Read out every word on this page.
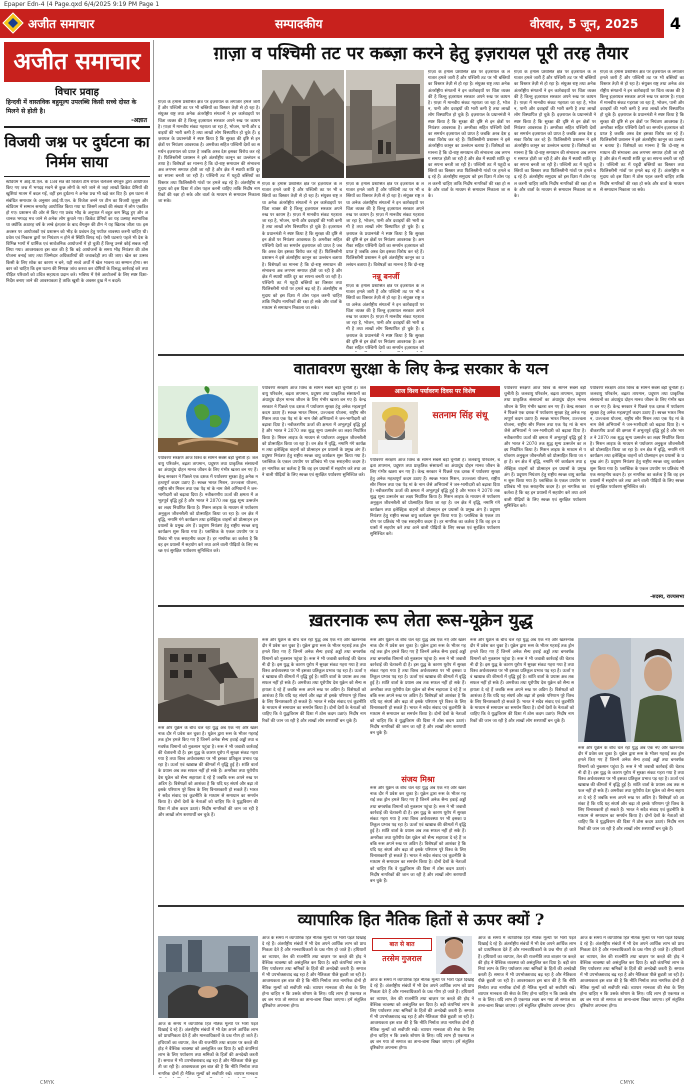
Epaper Edn-4 (4 Page.qxd 6/4/2025 9:19 PM Page 1
अजीत समाचार	सम्पादकीय	वीरवार, 5 जून, 2025	4
अजीत समाचार
विचार प्रवाह
हिन्दवी में वास्तविक बहुमूल्य उपलब्धि किसी सच्चे दोस्त के मिलने से होती है।
-अज्ञात
विजयी जश्न पर दुर्घटना का निर्मम साया
स्टेडियम में आई.पी.एल. के 18वें सत्र की विजेता टीम रॉयल चैलेंजर्स बैंगलुरु द्वारा आयोजित किए गए जश्न में भगदड़ मचने से कुछ लोगों के मारे जाने से जहां लाखों क्रिकेट प्रेमियों की खुशियां मातम में बदल गईं, वहीं इस दुर्घटना ने अनेक प्रश्न भी खड़े कर दिए हैं। इस घटना से संबंधित समाचार के अनुसार आई.पी.एल. के विजेता बनने पर टीम का विजयी जुलूस और स्टेडियम में सम्मान समारोह आयोजित किया गया था जिसमें लाखों की संख्या में लोग एकत्रित हो गए। प्रशासन की ओर से किए गए प्रबंध भीड़ के अनुपात में बहुत कम सिद्ध हुए और अचानक भगदड़ मच जाने से अनेक लोग कुचले गए। क्रिकेट प्रेमियों का यह उत्साह स्वाभाविक था क्योंकि अठारह वर्ष के लम्बे इंतज़ार के बाद बैंगलुरु की टीम ने यह खिताब जीता था। इस अवसर पर आयोजकों एवं प्रशासन को भीड़ के प्रबंधन हेतु पर्याप्त व्यवस्था करनी चाहिए थी। प्रवेश एवं निकास द्वारों पर नियंत्रण न होने से स्थिति बिगड़ गई। ऐसी घटनाएं पहले भी देश के विभिन्न भागों में धार्मिक एवं सार्वजनिक आयोजनों में हो चुकी हैं किन्तु उनसे कोई सबक नहीं लिया गया। आवश्यकता इस बात की है कि बड़े आयोजनों के समय भीड़ नियंत्रण की ठोस योजना बनाई जाए तथा जिम्मेदार अधिकारियों की जवाबदेही तय की जाए। खेल का उत्सव किसी के लिए शोक का कारण न बने, यही सच्चे अर्थों में खेल भावना का सम्मान होगा। सरकार को चाहिए कि इस घटना की निष्पक्ष जांच करवा कर दोषियों के विरुद्ध कार्रवाई करे तथा पीड़ित परिवारों को उचित सहायता प्रदान करे। भविष्य में ऐसे आयोजनों के लिए स्पष्ट दिशा-निर्देश बनाए जाने की आवश्यकता है ताकि खुशी के अवसर दुख में न बदलें।
ग़ाज़ा व पश्चिमी तट पर कब्ज़ा करने हेतु इज़रायल पूरी तरह तैयार
ग़ाज़ा के हमास प्रशासित क्षेत्र पर इज़रायल के लगातार हमले जारी हैं और पश्चिमी तट पर भी बस्तियों का विस्तार तेज़ी से हो रहा है। संयुक्त राष्ट्र तथा अनेक अंतर्राष्ट्रीय संगठनों ने इन कार्रवाइयों पर चिंता व्यक्त की है किन्तु इज़रायल सरकार अपने रुख पर कायम है। ग़ाज़ा में मानवीय संकट गहराता जा रहा है, भोजन, पानी और दवाइयों की भारी कमी है तथा लाखों लोग विस्थापित हो चुके हैं। इज़रायल के प्रधानमंत्री ने स्पष्ट किया है कि सुरक्षा की दृष्टि से इन क्षेत्रों पर नियंत्रण आवश्यक है। अमरीका सहित पश्चिमी देशों का समर्थन इज़रायल को प्राप्त है जबकि अरब देश इसका विरोध कर रहे हैं। फिलिस्तीनी प्रशासन ने इसे अंतर्राष्ट्रीय कानून का उल्लंघन बताया है। विशेषज्ञों का मानना है कि दो-राष्ट्र समाधान की संभावना अब लगभग समाप्त होती जा रही है और क्षेत्र में स्थायी शांति दूर का सपना बनती जा रही है। पश्चिमी तट में यहूदी बस्तियों का विस्तार तथा फिलिस्तीनी गांवों पर हमले बढ़ रहे हैं। अंतर्राष्ट्रीय समुदाय को इस दिशा में ठोस पहल करनी चाहिए ताकि निर्दोष नागरिकों की रक्षा हो सके और वार्ता के माध्यम से समाधान निकाला जा सके।
ग़ाज़ा के हमास प्रशासित क्षेत्र पर इज़रायल के लगातार हमले जारी हैं और पश्चिमी तट पर भी बस्तियों का विस्तार तेज़ी से हो रहा है। संयुक्त राष्ट्र तथा अनेक अंतर्राष्ट्रीय संगठनों ने इन कार्रवाइयों पर चिंता व्यक्त की है किन्तु इज़रायल सरकार अपने रुख पर कायम है। ग़ाज़ा में मानवीय संकट गहराता जा रहा है, भोजन, पानी और दवाइयों की भारी कमी है तथा लाखों लोग विस्थापित हो चुके हैं। इज़रायल के प्रधानमंत्री ने स्पष्ट किया है कि सुरक्षा की दृष्टि से इन क्षेत्रों पर नियंत्रण आवश्यक है। अमरीका सहित पश्चिमी देशों का समर्थन इज़रायल को प्राप्त है जबकि अरब देश इसका विरोध कर रहे हैं। फिलिस्तीनी प्रशासन ने इसे अंतर्राष्ट्रीय कानून का उल्लंघन बताया है। विशेषज्ञों का मानना है कि दो-राष्ट्र समाधान की संभावना अब लगभग समाप्त होती जा रही है और क्षेत्र में स्थायी शांति दूर का सपना बनती जा रही है। पश्चिमी तट में यहूदी बस्तियों का विस्तार तथा फिलिस्तीनी गांवों पर हमले बढ़ रहे हैं। अंतर्राष्ट्रीय समुदाय को इस दिशा में ठोस पहल करनी चाहिए ताकि निर्दोष नागरिकों की रक्षा हो सके और वार्ता के माध्यम से समाधान निकाला जा सके।
ग़ाज़ा के हमास प्रशासित क्षेत्र पर इज़रायल के लगातार हमले जारी हैं और पश्चिमी तट पर भी बस्तियों का विस्तार तेज़ी से हो रहा है। संयुक्त राष्ट्र तथा अनेक अंतर्राष्ट्रीय संगठनों ने इन कार्रवाइयों पर चिंता व्यक्त की है किन्तु इज़रायल सरकार अपने रुख पर कायम है। ग़ाज़ा में मानवीय संकट गहराता जा रहा है, भोजन, पानी और दवाइयों की भारी कमी है तथा लाखों लोग विस्थापित हो चुके हैं। इज़रायल के प्रधानमंत्री ने स्पष्ट किया है कि सुरक्षा की दृष्टि से इन क्षेत्रों पर नियंत्रण आवश्यक है। अमरीका सहित पश्चिमी देशों का समर्थन इज़रायल को प्राप्त है जबकि अरब देश इसका विरोध कर रहे हैं। फिलिस्तीनी प्रशासन ने इसे अंतर्राष्ट्रीय कानून का उल्लंघन बताया है। विशेषज्ञों का मानना है कि दो-राष्ट्र
नन्नू बनर्जी
ग़ाज़ा के हमास प्रशासित क्षेत्र पर इज़रायल के लगातार हमले जारी हैं और पश्चिमी तट पर भी बस्तियों का विस्तार तेज़ी से हो रहा है। संयुक्त राष्ट्र तथा अनेक अंतर्राष्ट्रीय संगठनों ने इन कार्रवाइयों पर चिंता व्यक्त की है किन्तु इज़रायल सरकार अपने रुख पर कायम है। ग़ाज़ा में मानवीय संकट गहराता जा रहा है, भोजन, पानी और दवाइयों की भारी कमी है तथा लाखों लोग विस्थापित हो चुके हैं। इज़रायल के प्रधानमंत्री ने स्पष्ट किया है कि सुरक्षा की दृष्टि से इन क्षेत्रों पर नियंत्रण आवश्यक है। अमरीका सहित पश्चिमी देशों का समर्थन इज़रायल को
ग़ाज़ा के हमास प्रशासित क्षेत्र पर इज़रायल के लगातार हमले जारी हैं और पश्चिमी तट पर भी बस्तियों का विस्तार तेज़ी से हो रहा है। संयुक्त राष्ट्र तथा अनेक अंतर्राष्ट्रीय संगठनों ने इन कार्रवाइयों पर चिंता व्यक्त की है किन्तु इज़रायल सरकार अपने रुख पर कायम है। ग़ाज़ा में मानवीय संकट गहराता जा रहा है, भोजन, पानी और दवाइयों की भारी कमी है तथा लाखों लोग विस्थापित हो चुके हैं। इज़रायल के प्रधानमंत्री ने स्पष्ट किया है कि सुरक्षा की दृष्टि से इन क्षेत्रों पर नियंत्रण आवश्यक है। अमरीका सहित पश्चिमी देशों का समर्थन इज़रायल को प्राप्त है जबकि अरब देश इसका विरोध कर रहे हैं। फिलिस्तीनी प्रशासन ने इसे अंतर्राष्ट्रीय कानून का उल्लंघन बताया है। विशेषज्ञों का मानना है कि दो-राष्ट्र समाधान की संभावना अब लगभग समाप्त होती जा रही है और क्षेत्र में स्थायी शांति दूर का सपना बनती जा रही है। पश्चिमी तट में यहूदी बस्तियों का विस्तार तथा फिलिस्तीनी गांवों पर हमले बढ़ रहे हैं। अंतर्राष्ट्रीय समुदाय को इस दिशा में ठोस पहल करनी चाहिए ताकि निर्दोष नागरिकों की रक्षा हो सके और वार्ता के माध्यम से समाधान निकाला जा सके।
ग़ाज़ा के हमास प्रशासित क्षेत्र पर इज़रायल के लगातार हमले जारी हैं और पश्चिमी तट पर भी बस्तियों का विस्तार तेज़ी से हो रहा है। संयुक्त राष्ट्र तथा अनेक अंतर्राष्ट्रीय संगठनों ने इन कार्रवाइयों पर चिंता व्यक्त की है किन्तु इज़रायल सरकार अपने रुख पर कायम है। ग़ाज़ा में मानवीय संकट गहराता जा रहा है, भोजन, पानी और दवाइयों की भारी कमी है तथा लाखों लोग विस्थापित हो चुके हैं। इज़रायल के प्रधानमंत्री ने स्पष्ट किया है कि सुरक्षा की दृष्टि से इन क्षेत्रों पर नियंत्रण आवश्यक है। अमरीका सहित पश्चिमी देशों का समर्थन इज़रायल को प्राप्त है जबकि अरब देश इसका विरोध कर रहे हैं। फिलिस्तीनी प्रशासन ने इसे अंतर्राष्ट्रीय कानून का उल्लंघन बताया है। विशेषज्ञों का मानना है कि दो-राष्ट्र समाधान की संभावना अब लगभग समाप्त होती जा रही है और क्षेत्र में स्थायी शांति दूर का सपना बनती जा रही है। पश्चिमी तट में यहूदी बस्तियों का विस्तार तथा फिलिस्तीनी गांवों पर हमले बढ़ रहे हैं। अंतर्राष्ट्रीय समुदाय को इस दिशा में ठोस पहल करनी चाहिए ताकि निर्दोष नागरिकों की रक्षा हो सके और वार्ता के माध्यम से समाधान निकाला जा सके।
ग़ाज़ा के हमास प्रशासित क्षेत्र पर इज़रायल के लगातार हमले जारी हैं और पश्चिमी तट पर भी बस्तियों का विस्तार तेज़ी से हो रहा है। संयुक्त राष्ट्र तथा अनेक अंतर्राष्ट्रीय संगठनों ने इन कार्रवाइयों पर चिंता व्यक्त की है किन्तु इज़रायल सरकार अपने रुख पर कायम है। ग़ाज़ा में मानवीय संकट गहराता जा रहा है, भोजन, पानी और दवाइयों की भारी कमी है तथा लाखों लोग विस्थापित हो चुके हैं। इज़रायल के प्रधानमंत्री ने स्पष्ट किया है कि सुरक्षा की दृष्टि से इन क्षेत्रों पर नियंत्रण आवश्यक है। अमरीका सहित पश्चिमी देशों का समर्थन इज़रायल को प्राप्त है जबकि अरब देश इसका विरोध कर रहे हैं। फिलिस्तीनी प्रशासन ने इसे अंतर्राष्ट्रीय कानून का उल्लंघन बताया है। विशेषज्ञों का मानना है कि दो-राष्ट्र समाधान की संभावना अब लगभग समाप्त होती जा रही है और क्षेत्र में स्थायी शांति दूर का सपना बनती जा रही है। पश्चिमी तट में यहूदी बस्तियों का विस्तार तथा फिलिस्तीनी गांवों पर हमले बढ़ रहे हैं। अंतर्राष्ट्रीय समुदाय को इस दिशा में ठोस पहल करनी चाहिए ताकि निर्दोष नागरिकों की रक्षा हो सके और वार्ता के माध्यम से समाधान निकाला जा सके।
वातावरण सुरक्षा के लिए केन्द्र सरकार के यत्न
पर्यावरण संरक्षण आज विश्व के सामने सबसे बड़ी चुनौती है। जलवायु परिवर्तन, बढ़ता तापमान, प्रदूषण तथा प्राकृतिक संसाधनों का अंधाधुंध दोहन मानव जीवन के लिए गंभीर खतरा बन गए हैं। केन्द्र सरकार ने पिछले एक दशक में पर्यावरण सुरक्षा हेतु अनेक महत्वपूर्ण कदम उठाए हैं। स्वच्छ भारत मिशन, उज्ज्वला योजना, राष्ट्रीय सौर मिशन तथा एक पेड़ मां के नाम जैसे अभियानों ने जन-भागीदारी को बढ़ावा दिया है। नवीकरणीय ऊर्जा की क्षमता में अभूतपूर्व वृद्धि हुई है और भारत ने 2070 तक शुद्ध शून्य उत्सर्जन का लक्ष्य निर्धारित किया है। मिशन लाइफ के माध्यम से पर्यावरण अनुकूल जीवनशैली को प्रोत्साहित किया जा रहा है। वन क्षेत्र में वृद्धि, नमामि गंगे कार्यक्रम तथा इलेक्ट्रिक वाहनों को प्रोत्साहन इन प्रयासों के प्रमुख अंग हैं। प्रदूषण नियंत्रण हेतु राष्ट्रीय स्वच्छ वायु कार्यक्रम शुरू किया गया है। प्लास्टिक के एकल उपयोग पर प्रतिबंध भी एक सराहनीय कदम है। हर नागरिक का कर्तव्य है कि वह इन प्रयासों में सहयोग करे तथा आने वाली पीढ़ियों के लिए स्वच्छ एवं सुरक्षित पर्यावरण सुनिश्चित करे।
पर्यावरण संरक्षण आज विश्व के सामने सबसे बड़ी चुनौती है। जलवायु परिवर्तन, बढ़ता तापमान, प्रदूषण तथा प्राकृतिक संसाधनों का अंधाधुंध दोहन मानव जीवन के लिए गंभीर खतरा बन गए हैं। केन्द्र सरकार ने पिछले एक दशक में पर्यावरण सुरक्षा हेतु अनेक महत्वपूर्ण कदम उठाए हैं। स्वच्छ भारत मिशन, उज्ज्वला योजना, राष्ट्रीय सौर मिशन तथा एक पेड़ मां के नाम जैसे अभियानों ने जन-भागीदारी को बढ़ावा दिया है। नवीकरणीय ऊर्जा की क्षमता में अभूतपूर्व वृद्धि हुई है और भारत ने 2070 तक शुद्ध शून्य उत्सर्जन का लक्ष्य निर्धारित किया है। मिशन लाइफ के माध्यम से पर्यावरण अनुकूल जीवनशैली को प्रोत्साहित किया जा रहा है। वन क्षेत्र में वृद्धि, नमामि गंगे कार्यक्रम तथा इलेक्ट्रिक वाहनों को प्रोत्साहन इन प्रयासों के प्रमुख अंग हैं। प्रदूषण नियंत्रण हेतु राष्ट्रीय स्वच्छ वायु कार्यक्रम शुरू किया गया है। प्लास्टिक के एकल उपयोग पर प्रतिबंध भी एक सराहनीय कदम है। हर नागरिक का कर्तव्य है कि वह इन प्रयासों में सहयोग करे तथा आने वाली पीढ़ियों के लिए स्वच्छ एवं सुरक्षित पर्यावरण सुनिश्चित करे।
आज विश्व पर्यावरण दिवस पर विशेष
सतनाम सिंह संधू
पर्यावरण संरक्षण आज विश्व के सामने सबसे बड़ी चुनौती है। जलवायु परिवर्तन, बढ़ता तापमान, प्रदूषण तथा प्राकृतिक संसाधनों का अंधाधुंध दोहन मानव जीवन के लिए गंभीर खतरा बन गए हैं। केन्द्र सरकार ने पिछले एक दशक में पर्यावरण सुरक्षा हेतु अनेक महत्वपूर्ण कदम उठाए हैं। स्वच्छ भारत मिशन, उज्ज्वला योजना, राष्ट्रीय सौर मिशन तथा एक पेड़ मां के नाम जैसे अभियानों ने जन-भागीदारी को बढ़ावा दिया है। नवीकरणीय ऊर्जा की क्षमता में अभूतपूर्व वृद्धि हुई है और भारत ने 2070 तक शुद्ध शून्य उत्सर्जन का लक्ष्य निर्धारित किया है। मिशन लाइफ के माध्यम से पर्यावरण अनुकूल जीवनशैली को प्रोत्साहित किया जा रहा है। वन क्षेत्र में वृद्धि, नमामि गंगे कार्यक्रम तथा इलेक्ट्रिक वाहनों को प्रोत्साहन इन प्रयासों के प्रमुख अंग हैं। प्रदूषण नियंत्रण हेतु राष्ट्रीय स्वच्छ वायु कार्यक्रम शुरू किया गया है। प्लास्टिक के एकल उपयोग पर प्रतिबंध भी एक सराहनीय कदम है। हर नागरिक का कर्तव्य है कि वह इन प्रयासों में सहयोग करे तथा आने वाली पीढ़ियों के लिए स्वच्छ एवं सुरक्षित पर्यावरण सुनिश्चित करे।
पर्यावरण संरक्षण आज विश्व के सामने सबसे बड़ी चुनौती है। जलवायु परिवर्तन, बढ़ता तापमान, प्रदूषण तथा प्राकृतिक संसाधनों का अंधाधुंध दोहन मानव जीवन के लिए गंभीर खतरा बन गए हैं। केन्द्र सरकार ने पिछले एक दशक में पर्यावरण सुरक्षा हेतु अनेक महत्वपूर्ण कदम उठाए हैं। स्वच्छ भारत मिशन, उज्ज्वला योजना, राष्ट्रीय सौर मिशन तथा एक पेड़ मां के नाम जैसे अभियानों ने जन-भागीदारी को बढ़ावा दिया है। नवीकरणीय ऊर्जा की क्षमता में अभूतपूर्व वृद्धि हुई है और भारत ने 2070 तक शुद्ध शून्य उत्सर्जन का लक्ष्य निर्धारित किया है। मिशन लाइफ के माध्यम से पर्यावरण अनुकूल जीवनशैली को प्रोत्साहित किया जा रहा है। वन क्षेत्र में वृद्धि, नमामि गंगे कार्यक्रम तथा इलेक्ट्रिक वाहनों को प्रोत्साहन इन प्रयासों के प्रमुख अंग हैं। प्रदूषण नियंत्रण हेतु राष्ट्रीय स्वच्छ वायु कार्यक्रम शुरू किया गया है। प्लास्टिक के एकल उपयोग पर प्रतिबंध भी एक सराहनीय कदम है। हर नागरिक का कर्तव्य है कि वह इन प्रयासों में सहयोग करे तथा आने वाली पीढ़ियों के लिए स्वच्छ एवं सुरक्षित पर्यावरण सुनिश्चित करे।
पर्यावरण संरक्षण आज विश्व के सामने सबसे बड़ी चुनौती है। जलवायु परिवर्तन, बढ़ता तापमान, प्रदूषण तथा प्राकृतिक संसाधनों का अंधाधुंध दोहन मानव जीवन के लिए गंभीर खतरा बन गए हैं। केन्द्र सरकार ने पिछले एक दशक में पर्यावरण सुरक्षा हेतु अनेक महत्वपूर्ण कदम उठाए हैं। स्वच्छ भारत मिशन, उज्ज्वला योजना, राष्ट्रीय सौर मिशन तथा एक पेड़ मां के नाम जैसे अभियानों ने जन-भागीदारी को बढ़ावा दिया है। नवीकरणीय ऊर्जा की क्षमता में अभूतपूर्व वृद्धि हुई है और भारत ने 2070 तक शुद्ध शून्य उत्सर्जन का लक्ष्य निर्धारित किया है। मिशन लाइफ के माध्यम से पर्यावरण अनुकूल जीवनशैली को प्रोत्साहित किया जा रहा है। वन क्षेत्र में वृद्धि, नमामि गंगे कार्यक्रम तथा इलेक्ट्रिक वाहनों को प्रोत्साहन इन प्रयासों के प्रमुख अंग हैं। प्रदूषण नियंत्रण हेतु राष्ट्रीय स्वच्छ वायु कार्यक्रम शुरू किया गया है। प्लास्टिक के एकल उपयोग पर प्रतिबंध भी एक सराहनीय कदम है। हर नागरिक का कर्तव्य है कि वह इन प्रयासों में सहयोग करे तथा आने वाली पीढ़ियों के लिए स्वच्छ एवं सुरक्षित पर्यावरण सुनिश्चित करे।
-सदस्य, राज्यसभा
ख़तरनाक रूप लेता रूस-यूक्रेन युद्ध
रूस और यूक्रेन के बीच चल रहा युद्ध अब एक नए और खतरनाक दौर में प्रवेश कर चुका है। यूक्रेन द्वारा रूस के भीतर गहराई तक ड्रोन हमले किए गए हैं जिनमें अनेक सैन्य हवाई अड्डों तथा बमवर्षक विमानों को नुकसान पहुंचा है। रूस ने भी जवाबी कार्रवाई की चेतावनी दी है। इस युद्ध के कारण यूरोप में सुरक्षा संकट गहरा गया है तथा विश्व अर्थव्यवस्था पर भी इसका प्रतिकूल प्रभाव पड़ रहा है। ऊर्जा एवं खाद्यान्न की कीमतों में वृद्धि हुई है। शांति वार्ता के प्रयास अब तक सफल नहीं हो सके हैं। अमरीका तथा यूरोपीय देश यूक्रेन को सैन्य सहायता दे रहे हैं जबकि रूस अपने रुख पर अडिग है। विशेषज्ञों को आशंका है कि यदि यह संघर्ष और बढ़ा तो इसके परिणाम पूरे विश्व के लिए विनाशकारी हो सकते हैं। भारत ने सदैव संवाद एवं कूटनीति के माध्यम से समाधान का समर्थन किया है। दोनों देशों के नेताओं को चाहिए कि वे युद्धविराम की दिशा में ठोस कदम उठाएं। निर्दोष नागरिकों की जान जा रही है और लाखों लोग शरणार्थी बन चुके हैं।
रूस और यूक्रेन के बीच चल रहा युद्ध अब एक नए और खतरनाक दौर में प्रवेश कर चुका है। यूक्रेन द्वारा रूस के भीतर गहराई तक ड्रोन हमले किए गए हैं जिनमें अनेक सैन्य हवाई अड्डों तथा बमवर्षक विमानों को नुकसान पहुंचा है। रूस ने भी जवाबी कार्रवाई की चेतावनी दी है। इस युद्ध के कारण यूरोप में सुरक्षा संकट गहरा गया है तथा विश्व अर्थव्यवस्था पर भी इसका प्रतिकूल प्रभाव पड़ रहा है। ऊर्जा एवं खाद्यान्न की कीमतों में वृद्धि हुई है। शांति वार्ता के प्रयास अब तक सफल नहीं हो सके हैं। अमरीका तथा यूरोपीय देश यूक्रेन को सैन्य सहायता दे रहे हैं जबकि रूस अपने रुख पर अडिग है। विशेषज्ञों को आशंका है कि यदि यह संघर्ष और बढ़ा तो इसके परिणाम पूरे विश्व के लिए विनाशकारी हो सकते हैं। भारत ने सदैव संवाद एवं कूटनीति के माध्यम से समाधान का समर्थन किया है। दोनों देशों के नेताओं को चाहिए कि वे युद्धविराम की दिशा में ठोस कदम उठाएं। निर्दोष नागरिकों की जान जा रही है और लाखों लोग शरणार्थी बन चुके हैं।
रूस और यूक्रेन के बीच चल रहा युद्ध अब एक नए और खतरनाक दौर में प्रवेश कर चुका है। यूक्रेन द्वारा रूस के भीतर गहराई तक ड्रोन हमले किए गए हैं जिनमें अनेक सैन्य हवाई अड्डों तथा बमवर्षक विमानों को नुकसान पहुंचा है। रूस ने भी जवाबी कार्रवाई की चेतावनी दी है। इस युद्ध के कारण यूरोप में सुरक्षा संकट गहरा गया है तथा विश्व अर्थव्यवस्था पर भी इसका प्रतिकूल प्रभाव पड़ रहा है। ऊर्जा एवं खाद्यान्न की कीमतों में वृद्धि हुई है। शांति वार्ता के प्रयास अब तक सफल नहीं हो सके हैं। अमरीका तथा यूरोपीय देश यूक्रेन को सैन्य सहायता दे रहे हैं जबकि रूस अपने रुख पर अडिग है। विशेषज्ञों को आशंका है कि यदि यह संघर्ष और बढ़ा तो इसके परिणाम पूरे विश्व के लिए विनाशकारी हो सकते हैं। भारत ने सदैव संवाद एवं कूटनीति के माध्यम से समाधान का समर्थन किया है। दोनों देशों के नेताओं को चाहिए कि वे युद्धविराम की दिशा में ठोस कदम उठाएं। निर्दोष नागरिकों की जान जा रही है और लाखों लोग शरणार्थी बन चुके हैं।
संजय मिश्रा
रूस और यूक्रेन के बीच चल रहा युद्ध अब एक नए और खतरनाक दौर में प्रवेश कर चुका है। यूक्रेन द्वारा रूस के भीतर गहराई तक ड्रोन हमले किए गए हैं जिनमें अनेक सैन्य हवाई अड्डों तथा बमवर्षक विमानों को नुकसान पहुंचा है। रूस ने भी जवाबी कार्रवाई की चेतावनी दी है। इस युद्ध के कारण यूरोप में सुरक्षा संकट गहरा गया है तथा विश्व अर्थव्यवस्था पर भी इसका प्रतिकूल प्रभाव पड़ रहा है। ऊर्जा एवं खाद्यान्न की कीमतों में वृद्धि हुई है। शांति वार्ता के प्रयास अब तक सफल नहीं हो सके हैं। अमरीका तथा यूरोपीय देश यूक्रेन को सैन्य सहायता दे रहे हैं जबकि रूस अपने रुख पर अडिग है। विशेषज्ञों को आशंका है कि यदि यह संघर्ष और बढ़ा तो इसके परिणाम पूरे विश्व के लिए विनाशकारी हो सकते हैं। भारत ने सदैव संवाद एवं कूटनीति के माध्यम से समाधान का समर्थन किया है। दोनों देशों के नेताओं को चाहिए कि वे युद्धविराम की दिशा में ठोस कदम उठाएं। निर्दोष नागरिकों की जान जा रही है और लाखों लोग शरणार्थी बन चुके हैं।
रूस और यूक्रेन के बीच चल रहा युद्ध अब एक नए और खतरनाक दौर में प्रवेश कर चुका है। यूक्रेन द्वारा रूस के भीतर गहराई तक ड्रोन हमले किए गए हैं जिनमें अनेक सैन्य हवाई अड्डों तथा बमवर्षक विमानों को नुकसान पहुंचा है। रूस ने भी जवाबी कार्रवाई की चेतावनी दी है। इस युद्ध के कारण यूरोप में सुरक्षा संकट गहरा गया है तथा विश्व अर्थव्यवस्था पर भी इसका प्रतिकूल प्रभाव पड़ रहा है। ऊर्जा एवं खाद्यान्न की कीमतों में वृद्धि हुई है। शांति वार्ता के प्रयास अब तक सफल नहीं हो सके हैं। अमरीका तथा यूरोपीय देश यूक्रेन को सैन्य सहायता दे रहे हैं जबकि रूस अपने रुख पर अडिग है। विशेषज्ञों को आशंका है कि यदि यह संघर्ष और बढ़ा तो इसके परिणाम पूरे विश्व के लिए विनाशकारी हो सकते हैं। भारत ने सदैव संवाद एवं कूटनीति के माध्यम से समाधान का समर्थन किया है। दोनों देशों के नेताओं को चाहिए कि वे युद्धविराम की दिशा में ठोस कदम उठाएं। निर्दोष नागरिकों की जान जा रही है और लाखों लोग शरणार्थी बन चुके हैं।
रूस और यूक्रेन के बीच चल रहा युद्ध अब एक नए और खतरनाक दौर में प्रवेश कर चुका है। यूक्रेन द्वारा रूस के भीतर गहराई तक ड्रोन हमले किए गए हैं जिनमें अनेक सैन्य हवाई अड्डों तथा बमवर्षक विमानों को नुकसान पहुंचा है। रूस ने भी जवाबी कार्रवाई की चेतावनी दी है। इस युद्ध के कारण यूरोप में सुरक्षा संकट गहरा गया है तथा विश्व अर्थव्यवस्था पर भी इसका प्रतिकूल प्रभाव पड़ रहा है। ऊर्जा एवं खाद्यान्न की कीमतों में वृद्धि हुई है। शांति वार्ता के प्रयास अब तक सफल नहीं हो सके हैं। अमरीका तथा यूरोपीय देश यूक्रेन को सैन्य सहायता दे रहे हैं जबकि रूस अपने रुख पर अडिग है। विशेषज्ञों को आशंका है कि यदि यह संघर्ष और बढ़ा तो इसके परिणाम पूरे विश्व के लिए विनाशकारी हो सकते हैं। भारत ने सदैव संवाद एवं कूटनीति के माध्यम से समाधान का समर्थन किया है। दोनों देशों के नेताओं को चाहिए कि वे युद्धविराम की दिशा में ठोस कदम उठाएं। निर्दोष नागरिकों की जान जा रही है और लाखों लोग शरणार्थी बन चुके हैं।
व्यापारिक हित नैतिक हितों से ऊपर क्यों ?
आज के समय में व्यापारिक हित नैतिक मूल्यों पर भारी पड़ते दिखाई दे रहे हैं। अंतर्राष्ट्रीय संबंधों में भी देश अपने आर्थिक लाभ को प्राथमिकता देते हैं और मानवाधिकारों के प्रश्न गौण हो जाते हैं। हथियारों का व्यापार, तेल की राजनीति तथा बाज़ार पर कब्ज़े की होड़ ने वैश्विक व्यवस्था को असंतुलित कर दिया है। बड़ी कंपनियां लाभ के लिए पर्यावरण तथा श्रमिकों के हितों की अनदेखी करती हैं। समाज में भी उपभोक्तावाद बढ़ रहा है और नैतिकता पीछे छूटती जा रही है। आवश्यकता इस बात की है कि नीति निर्माता तथा नागरिक दोनों ही नैतिक मूल्यों को सर्वोपरि रखें। व्यापार मानवता
आज के समय में व्यापारिक हित नैतिक मूल्यों पर भारी पड़ते दिखाई दे रहे हैं। अंतर्राष्ट्रीय संबंधों में भी देश अपने आर्थिक लाभ को प्राथमिकता देते हैं और मानवाधिकारों के प्रश्न गौण हो जाते हैं। हथियारों का व्यापार, तेल की राजनीति तथा बाज़ार पर कब्ज़े की होड़ ने वैश्विक व्यवस्था को असंतुलित कर दिया है। बड़ी कंपनियां लाभ के लिए पर्यावरण तथा श्रमिकों के हितों की अनदेखी करती हैं। समाज में भी उपभोक्तावाद बढ़ रहा है और नैतिकता पीछे छूटती जा रही है। आवश्यकता इस बात की है कि नीति निर्माता तथा नागरिक दोनों ही नैतिक मूल्यों को सर्वोपरि रखें। व्यापार मानवता की सेवा के लिए होना चाहिए न कि उसके शोषण के लिए। यदि लाभ ही एकमात्र लक्ष्य बन गया तो समाज का ताना-बाना बिखर जाएगा। हमें संतुलित दृष्टिकोण अपनाना होगा।
बात से बात
तरसेम गुजराल
आज के समय में व्यापारिक हित नैतिक मूल्यों पर भारी पड़ते दिखाई दे रहे हैं। अंतर्राष्ट्रीय संबंधों में भी देश अपने आर्थिक लाभ को प्राथमिकता देते हैं और मानवाधिकारों के प्रश्न गौण हो जाते हैं। हथियारों का व्यापार, तेल की राजनीति तथा बाज़ार पर कब्ज़े की होड़ ने वैश्विक व्यवस्था को असंतुलित कर दिया है। बड़ी कंपनियां लाभ के लिए पर्यावरण तथा श्रमिकों के हितों की अनदेखी करती हैं। समाज में भी उपभोक्तावाद बढ़ रहा है और नैतिकता पीछे छूटती जा रही है। आवश्यकता इस बात की है कि नीति निर्माता तथा नागरिक दोनों ही नैतिक मूल्यों को सर्वोपरि रखें। व्यापार मानवता की सेवा के लिए होना चाहिए न कि उसके शोषण के लिए। यदि लाभ ही एकमात्र लक्ष्य बन गया तो समाज का ताना-बाना बिखर जाएगा। हमें संतुलित दृष्टिकोण अपनाना होगा।
आज के समय में व्यापारिक हित नैतिक मूल्यों पर भारी पड़ते दिखाई दे रहे हैं। अंतर्राष्ट्रीय संबंधों में भी देश अपने आर्थिक लाभ को प्राथमिकता देते हैं और मानवाधिकारों के प्रश्न गौण हो जाते हैं। हथियारों का व्यापार, तेल की राजनीति तथा बाज़ार पर कब्ज़े की होड़ ने वैश्विक व्यवस्था को असंतुलित कर दिया है। बड़ी कंपनियां लाभ के लिए पर्यावरण तथा श्रमिकों के हितों की अनदेखी करती हैं। समाज में भी उपभोक्तावाद बढ़ रहा है और नैतिकता पीछे छूटती जा रही है। आवश्यकता इस बात की है कि नीति निर्माता तथा नागरिक दोनों ही नैतिक मूल्यों को सर्वोपरि रखें। व्यापार मानवता की सेवा के लिए होना चाहिए न कि उसके शोषण के लिए। यदि लाभ ही एकमात्र लक्ष्य बन गया तो समाज का ताना-बाना बिखर जाएगा। हमें संतुलित दृष्टिकोण अपनाना होगा।
आज के समय में व्यापारिक हित नैतिक मूल्यों पर भारी पड़ते दिखाई दे रहे हैं। अंतर्राष्ट्रीय संबंधों में भी देश अपने आर्थिक लाभ को प्राथमिकता देते हैं और मानवाधिकारों के प्रश्न गौण हो जाते हैं। हथियारों का व्यापार, तेल की राजनीति तथा बाज़ार पर कब्ज़े की होड़ ने वैश्विक व्यवस्था को असंतुलित कर दिया है। बड़ी कंपनियां लाभ के लिए पर्यावरण तथा श्रमिकों के हितों की अनदेखी करती हैं। समाज में भी उपभोक्तावाद बढ़ रहा है और नैतिकता पीछे छूटती जा रही है। आवश्यकता इस बात की है कि नीति निर्माता तथा नागरिक दोनों ही नैतिक मूल्यों को सर्वोपरि रखें। व्यापार मानवता की सेवा के लिए होना चाहिए न कि उसके शोषण के लिए। यदि लाभ ही एकमात्र लक्ष्य बन गया तो समाज का ताना-बाना बिखर जाएगा। हमें संतुलित दृष्टिकोण अपनाना होगा।
CMYK	CMYK
